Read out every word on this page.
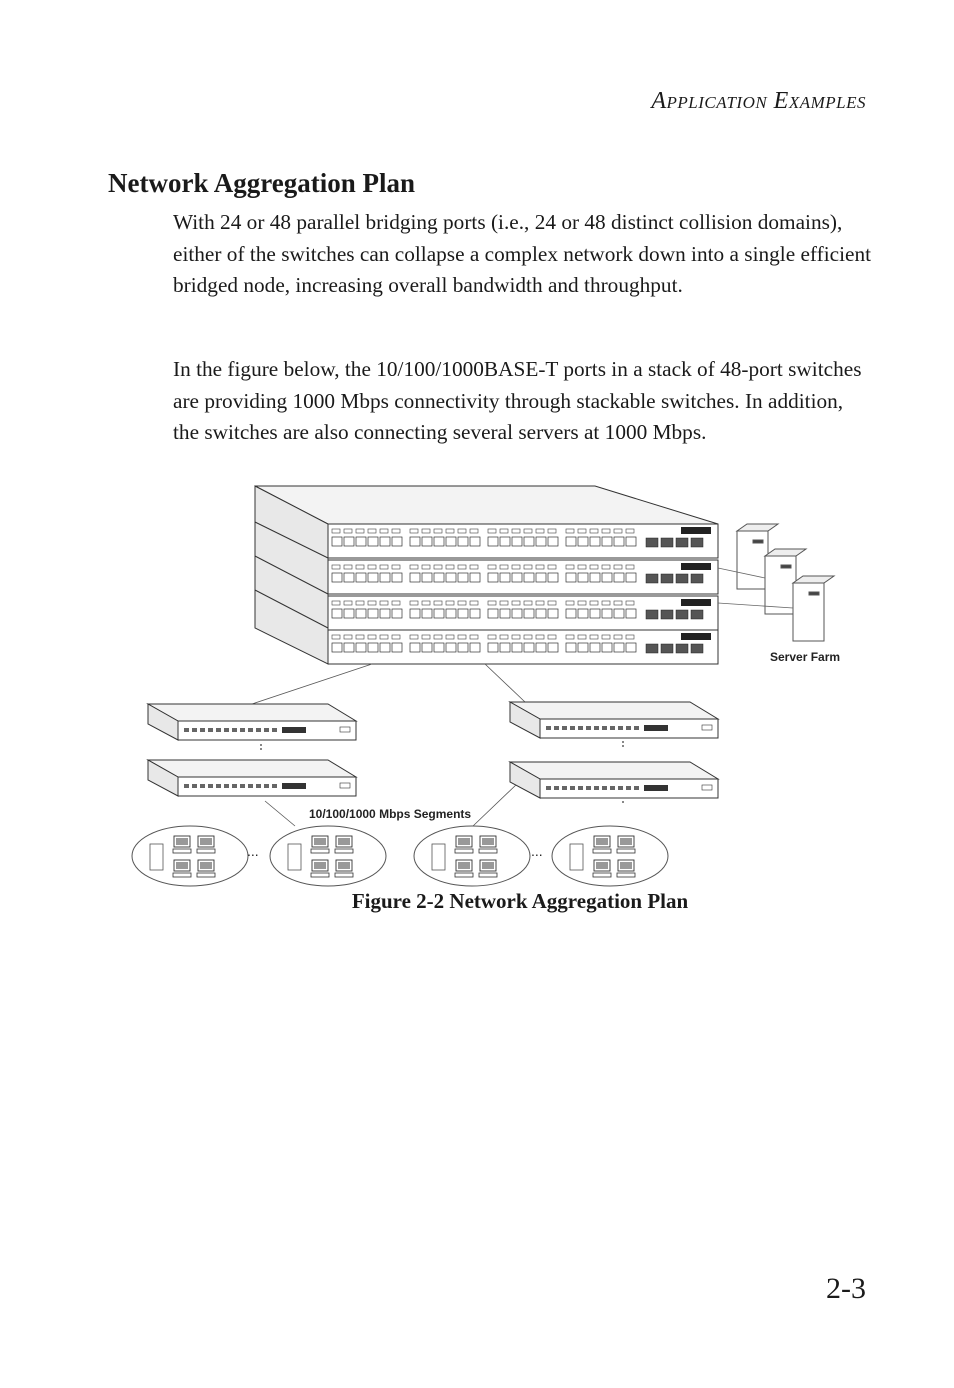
Application Examples
Network Aggregation Plan

With 24 or 48 parallel bridging ports (i.e., 24 or 48 distinct collision domains), either of the switches can collapse a complex network down into a single efficient bridged node, increasing overall bandwidth and throughput.

In the figure below, the 10/100/1000BASE-T ports in a stack of 48-port switches are providing 1000 Mbps connectivity through stackable switches. In addition, the switches are also connecting several servers at 1000 Mbps.

Server Farm
10/100/1000 Mbps Segments
...	...

Figure 2-2 Network Aggregation Plan

2-3
